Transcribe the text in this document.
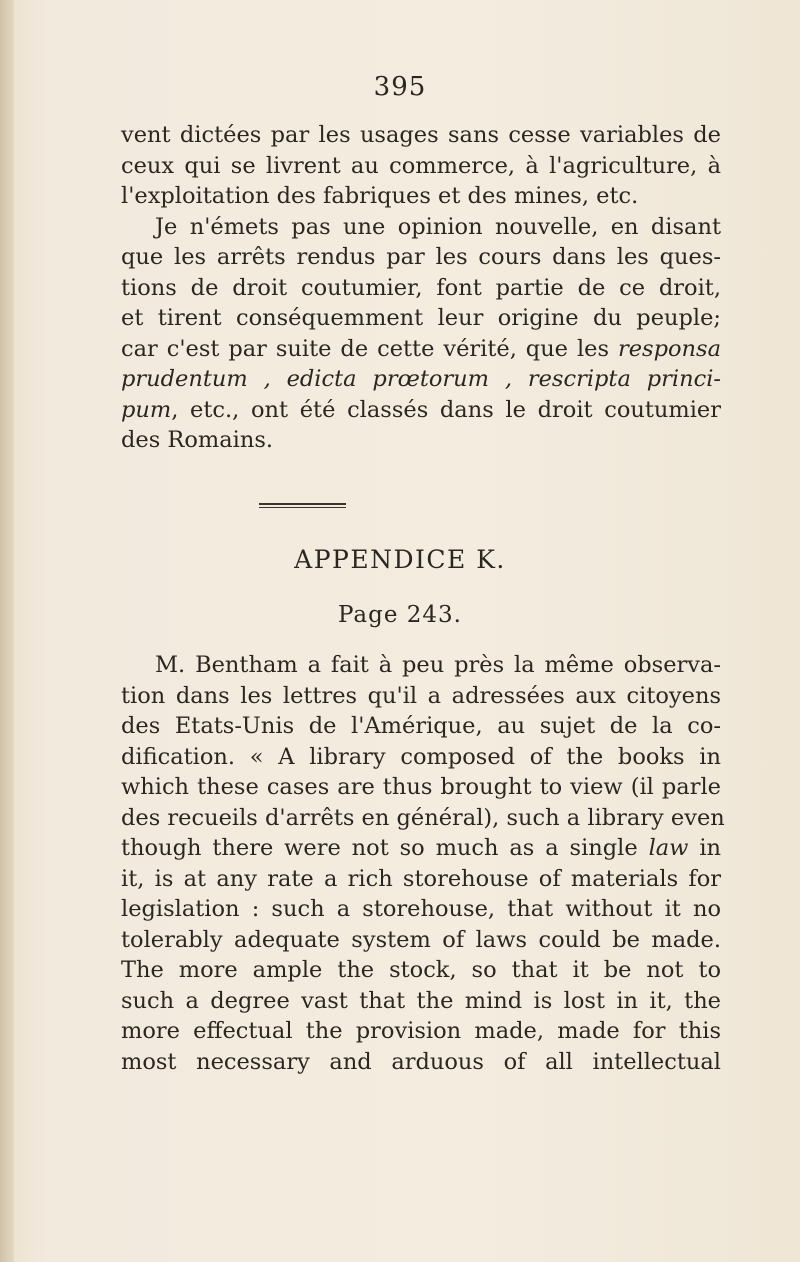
395
vent dictées par les usages sans cesse variables de
ceux qui se livrent au commerce, à l'agriculture, à
l'exploitation des fabriques et des mines, etc.
Je n'émets pas une opinion nouvelle, en disant
que les arrêts rendus par les cours dans les ques-
tions de droit coutumier, font partie de ce droit,
et tirent conséquemment leur origine du peuple;
car c'est par suite de cette vérité, que les responsa
prudentum , edicta prœtorum , rescripta princi-
pum, etc., ont été classés dans le droit coutumier
des Romains.
APPENDICE K.
Page 243.
M. Bentham a fait à peu près la même observa-
tion dans les lettres qu'il a adressées aux citoyens
des Etats-Unis de l'Amérique, au sujet de la co-
dification. « A library composed of the books in
which these cases are thus brought to view (il parle
des recueils d'arrêts en général), such a library even
though there were not so much as a single law in
it, is at any rate a rich storehouse of materials for
legislation : such a storehouse, that without it no
tolerably adequate system of laws could be made.
The more ample the stock, so that it be not to
such a degree vast that the mind is lost in it, the
more effectual the provision made, made for this
most necessary and arduous of all intellectual
